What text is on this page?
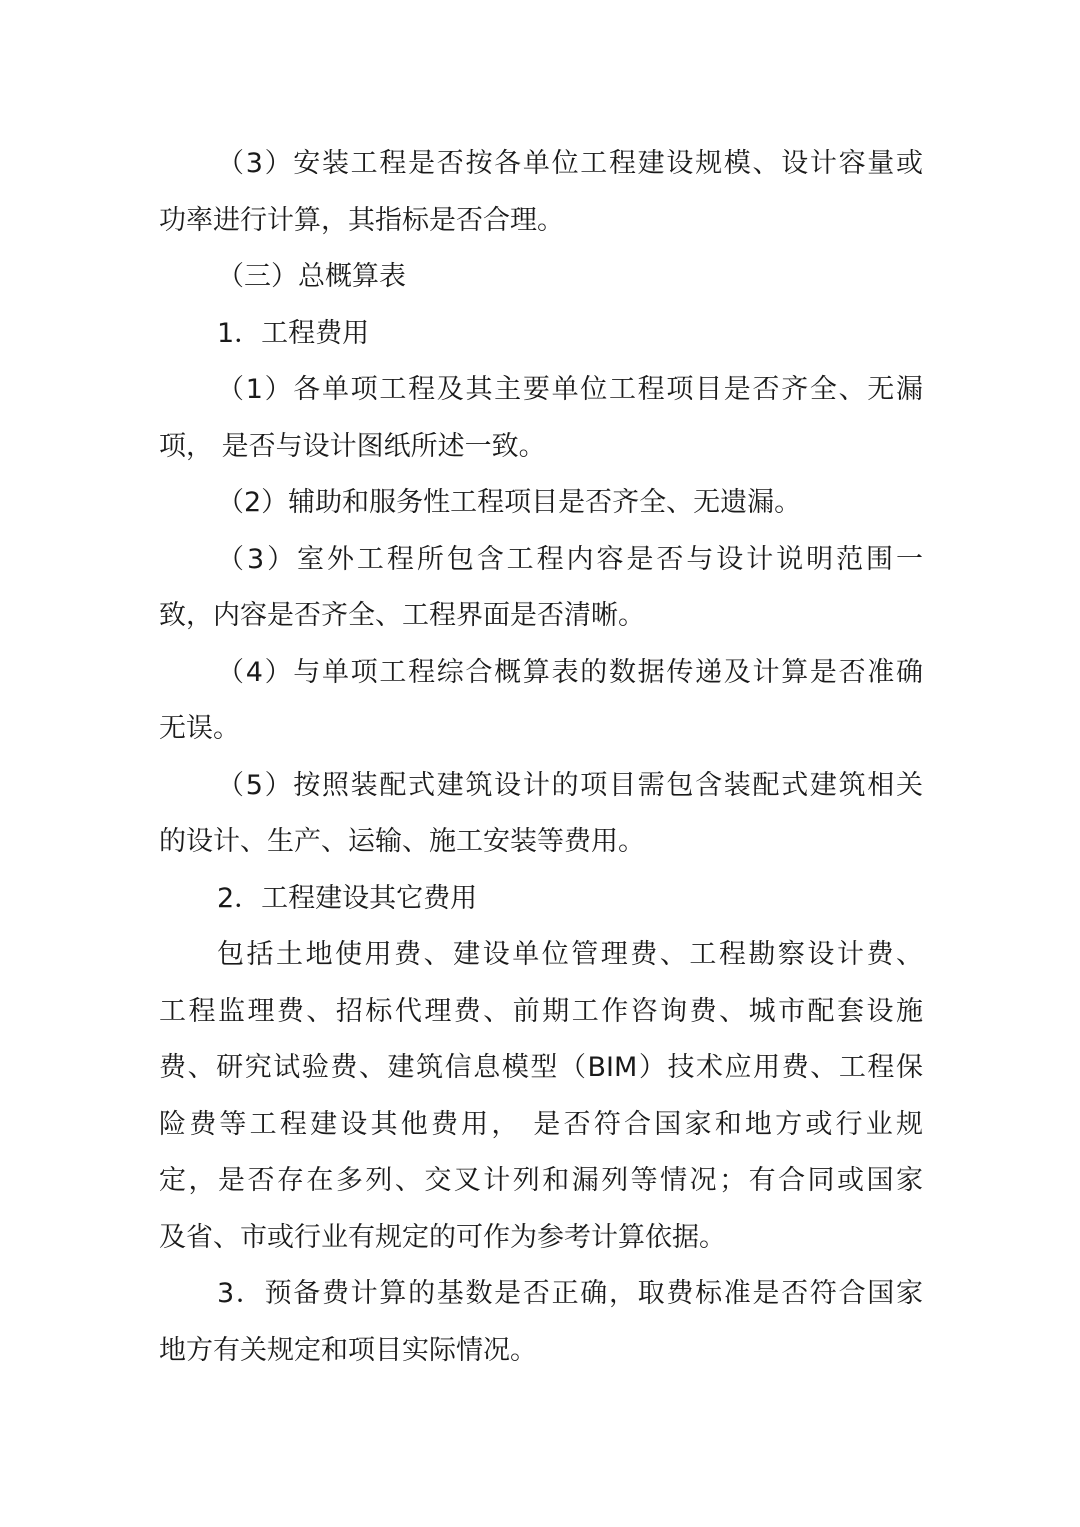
（3）安装工程是否按各单位工程建设规模、设计容量或
功率进行计算，其指标是否合理。
（三）总概算表
1．工程费用
（1）各单项工程及其主要单位工程项目是否齐全、无漏
项， 是否与设计图纸所述一致。
（2）辅助和服务性工程项目是否齐全、无遗漏。
（3）室外工程所包含工程内容是否与设计说明范围一
致，内容是否齐全、工程界面是否清晰。
（4）与单项工程综合概算表的数据传递及计算是否准确
无误。
（5）按照装配式建筑设计的项目需包含装配式建筑相关
的设计、生产、运输、施工安装等费用。
2．工程建设其它费用
包括土地使用费、建设单位管理费、工程勘察设计费、
工程监理费、招标代理费、前期工作咨询费、城市配套设施
费、研究试验费、建筑信息模型（BIM）技术应用费、工程保
险费等工程建设其他费用， 是否符合国家和地方或行业规
定，是否存在多列、交叉计列和漏列等情况；有合同或国家
及省、市或行业有规定的可作为参考计算依据。
3．预备费计算的基数是否正确，取费标准是否符合国家
地方有关规定和项目实际情况。
